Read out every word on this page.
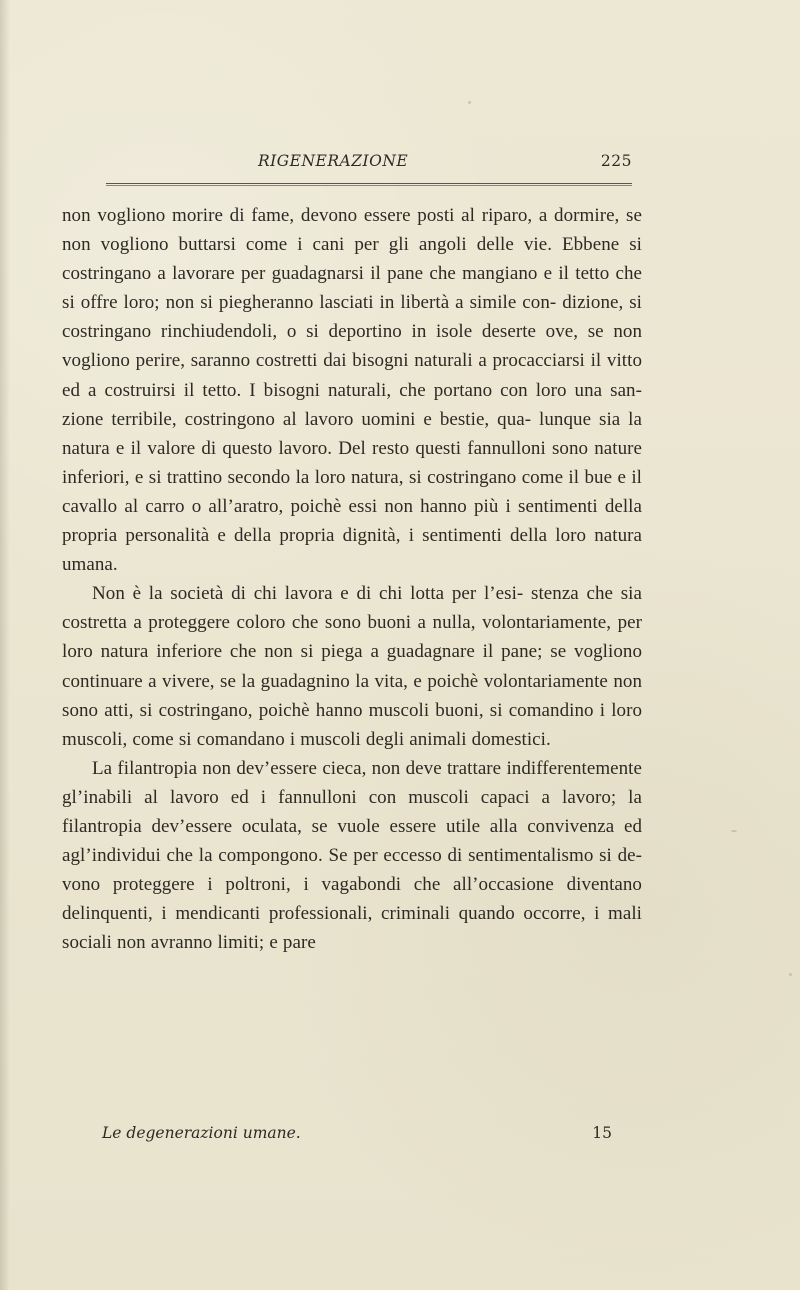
RIGENERAZIONE	225

non vogliono morire di fame, devono essere posti al riparo, a dormire, se non vogliono buttarsi come i cani per gli angoli delle vie. Ebbene si costringano a lavorare per guadagnarsi il pane che mangiano e il tetto che si offre loro; non si piegheranno lasciati in libertà a simile con- dizione, si costringano rinchiudendoli, o si deportino in isole deserte ove, se non vogliono perire, saranno costretti dai bisogni naturali a procacciarsi il vitto ed a costruirsi il tetto. I bisogni naturali, che portano con loro una san- zione terribile, costringono al lavoro uomini e bestie, qua- lunque sia la natura e il valore di questo lavoro. Del resto questi fannulloni sono nature inferiori, e si trattino secondo la loro natura, si costringano come il bue e il cavallo al carro o all’aratro, poichè essi non hanno più i sentimenti della propria personalità e della propria dignità, i sentimenti della loro natura umana.

Non è la società di chi lavora e di chi lotta per l’esi- stenza che sia costretta a proteggere coloro che sono buoni a nulla, volontariamente, per loro natura inferiore che non si piega a guadagnare il pane; se vogliono continuare a vivere, se la guadagnino la vita, e poichè volontariamente non sono atti, si costringano, poichè hanno muscoli buoni, si comandino i loro muscoli, come si comandano i muscoli degli animali domestici.

La filantropia non dev’essere cieca, non deve trattare indifferentemente gl’inabili al lavoro ed i fannulloni con muscoli capaci a lavoro; la filantropia dev’essere oculata, se vuole essere utile alla convivenza ed agl’individui che la compongono. Se per eccesso di sentimentalismo si de- vono proteggere i poltroni, i vagabondi che all’occasione diventano delinquenti, i mendicanti professionali, criminali quando occorre, i mali sociali non avranno limiti; e pare

Le degenerazioni umane.	15
